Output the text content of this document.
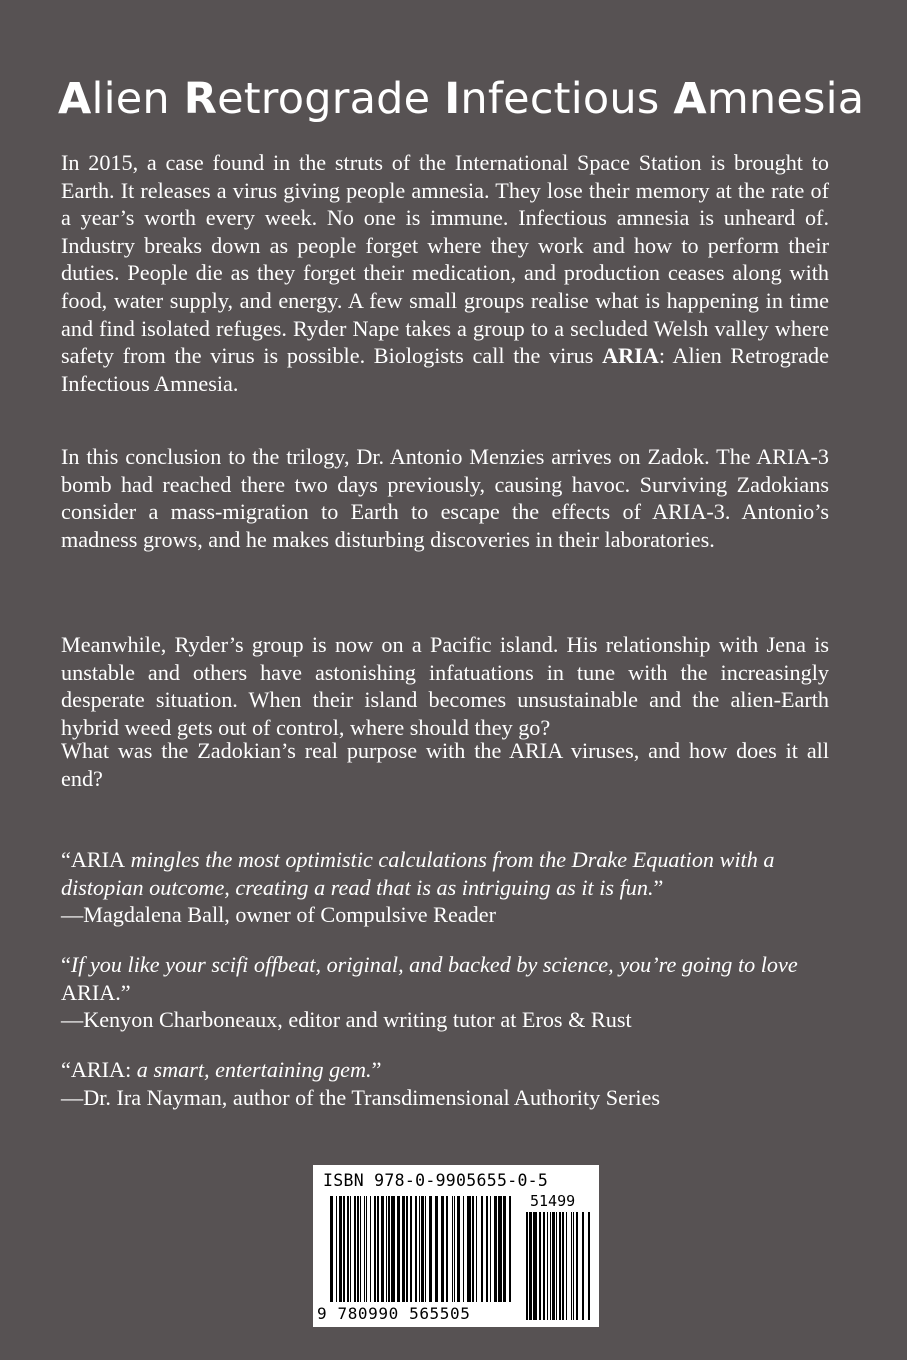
Alien Retrograde Infectious Amnesia

In 2015, a case found in the struts of the International Space Station is brought to Earth. It releases a virus giving people amnesia. They lose their memory at the rate of a year’s worth every week. No one is immune. Infectious amnesia is unheard of. Industry breaks down as people forget where they work and how to perform their duties. People die as they forget their medication, and production ceases along with food, water supply, and energy. A few small groups realise what is happening in time and find isolated refuges. Ryder Nape takes a group to a secluded Welsh valley where safety from the virus is possible. Biologists call the virus ARIA: Alien Retrograde Infectious Amnesia.

In this conclusion to the trilogy, Dr. Antonio Menzies arrives on Zadok. The ARIA-3 bomb had reached there two days previously, causing havoc. Surviving Zadokians consider a mass-migration to Earth to escape the effects of ARIA-3. Antonio’s madness grows, and he makes disturbing discoveries in their laboratories.

Meanwhile, Ryder’s group is now on a Pacific island. His relationship with Jena is unstable and others have astonishing infatuations in tune with the increasingly desperate situation. When their island becomes unsustainable and the alien-Earth hybrid weed gets out of control, where should they go?

What was the Zadokian’s real purpose with the ARIA viruses, and how does it all end?

“ARIA mingles the most optimistic calculations from the Drake Equation with a distopian outcome, creating a read that is as intriguing as it is fun.”
—Magdalena Ball, owner of Compulsive Reader

“If you like your scifi offbeat, original, and backed by science, you’re going to love ARIA.”
—Kenyon Charboneaux, editor and writing tutor at Eros & Rust

“ARIA: a smart, entertaining gem.”
—Dr. Ira Nayman, author of the Transdimensional Authority Series

ISBN 978-0-9905655-0-5
51499
9 780990 565505
